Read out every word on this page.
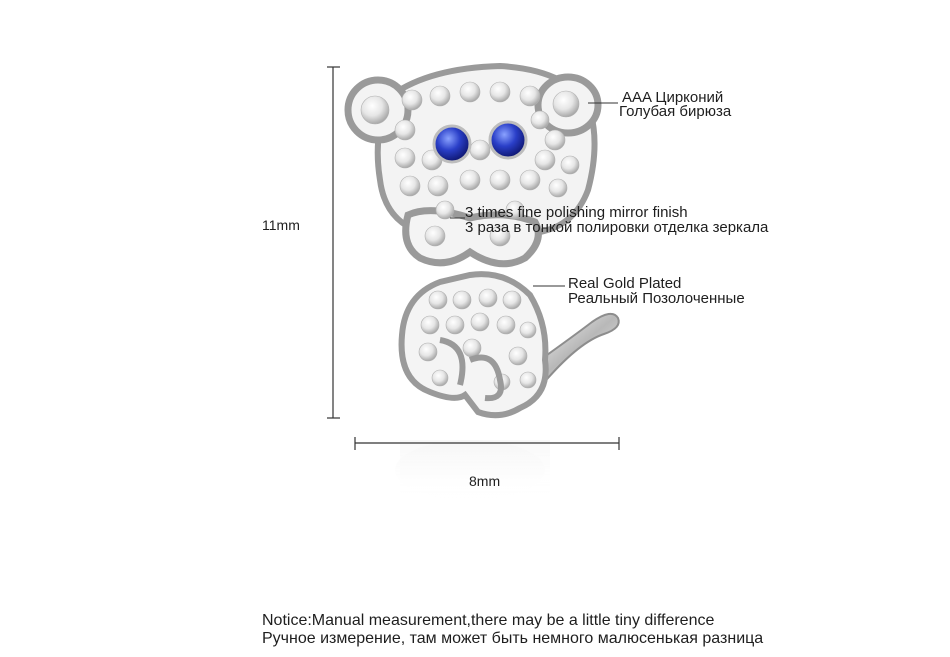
11mm
8mm
AAA Цирконий
Голубая бирюза
3 times fine polishing mirror finish
3 раза в тонкой полировки отделка зеркала
Real Gold Plated
Реальный Позолоченные
Notice:Manual measurement,there may be a little tiny difference
Ручное измерение, там может быть немного малюсенькая разница
